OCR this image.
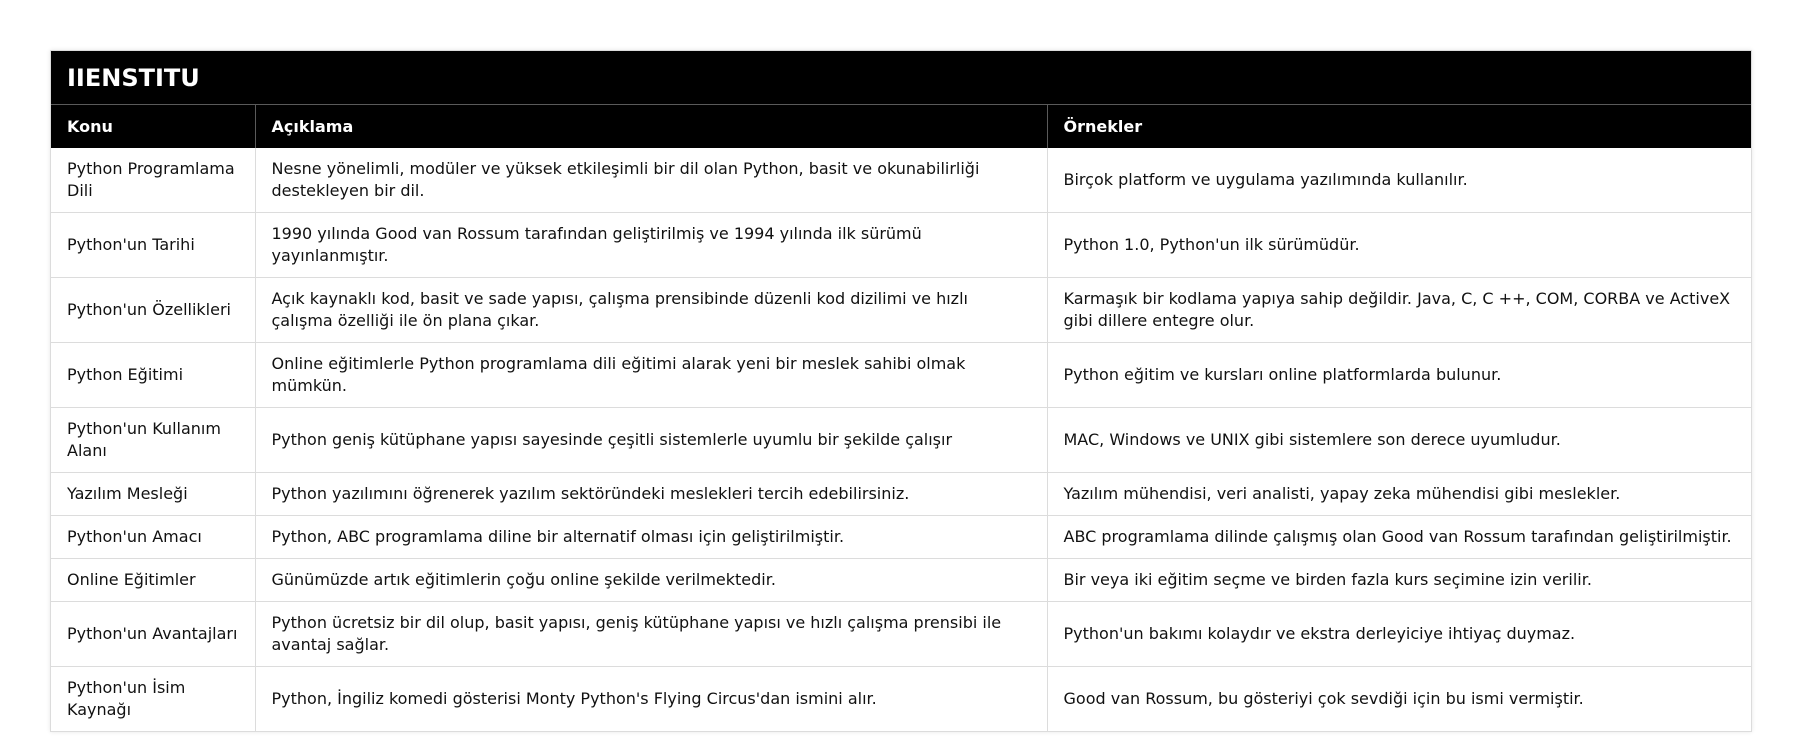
IIENSTITU		
Konu	Açıklama	Örnekler
Python Programlama Dili	Nesne yönelimli, modüler ve yüksek etkileşimli bir dil olan Python, basit ve okunabilirliği destekleyen bir dil.	Birçok platform ve uygulama yazılımında kullanılır.
Python'un Tarihi	1990 yılında Good van Rossum tarafından geliştirilmiş ve 1994 yılında ilk sürümü yayınlanmıştır.	Python 1.0, Python'un ilk sürümüdür.
Python'un Özellikleri	Açık kaynaklı kod, basit ve sade yapısı, çalışma prensibinde düzenli kod dizilimi ve hızlı çalışma özelliği ile ön plana çıkar.	Karmaşık bir kodlama yapıya sahip değildir. Java, C, C ++, COM, CORBA ve ActiveX gibi dillere entegre olur.
Python Eğitimi	Online eğitimlerle Python programlama dili eğitimi alarak yeni bir meslek sahibi olmak mümkün.	Python eğitim ve kursları online platformlarda bulunur.
Python'un Kullanım Alanı	Python geniş kütüphane yapısı sayesinde çeşitli sistemlerle uyumlu bir şekilde çalışır	MAC, Windows ve UNIX gibi sistemlere son derece uyumludur.
Yazılım Mesleği	Python yazılımını öğrenerek yazılım sektöründeki meslekleri tercih edebilirsiniz.	Yazılım mühendisi, veri analisti, yapay zeka mühendisi gibi meslekler.
Python'un Amacı	Python, ABC programlama diline bir alternatif olması için geliştirilmiştir.	ABC programlama dilinde çalışmış olan Good van Rossum tarafından geliştirilmiştir.
Online Eğitimler	Günümüzde artık eğitimlerin çoğu online şekilde verilmektedir.	Bir veya iki eğitim seçme ve birden fazla kurs seçimine izin verilir.
Python'un Avantajları	Python ücretsiz bir dil olup, basit yapısı, geniş kütüphane yapısı ve hızlı çalışma prensibi ile avantaj sağlar.	Python'un bakımı kolaydır ve ekstra derleyiciye ihtiyaç duymaz.
Python'un İsim Kaynağı	Python, İngiliz komedi gösterisi Monty Python's Flying Circus'dan ismini alır.	Good van Rossum, bu gösteriyi çok sevdiği için bu ismi vermiştir.
